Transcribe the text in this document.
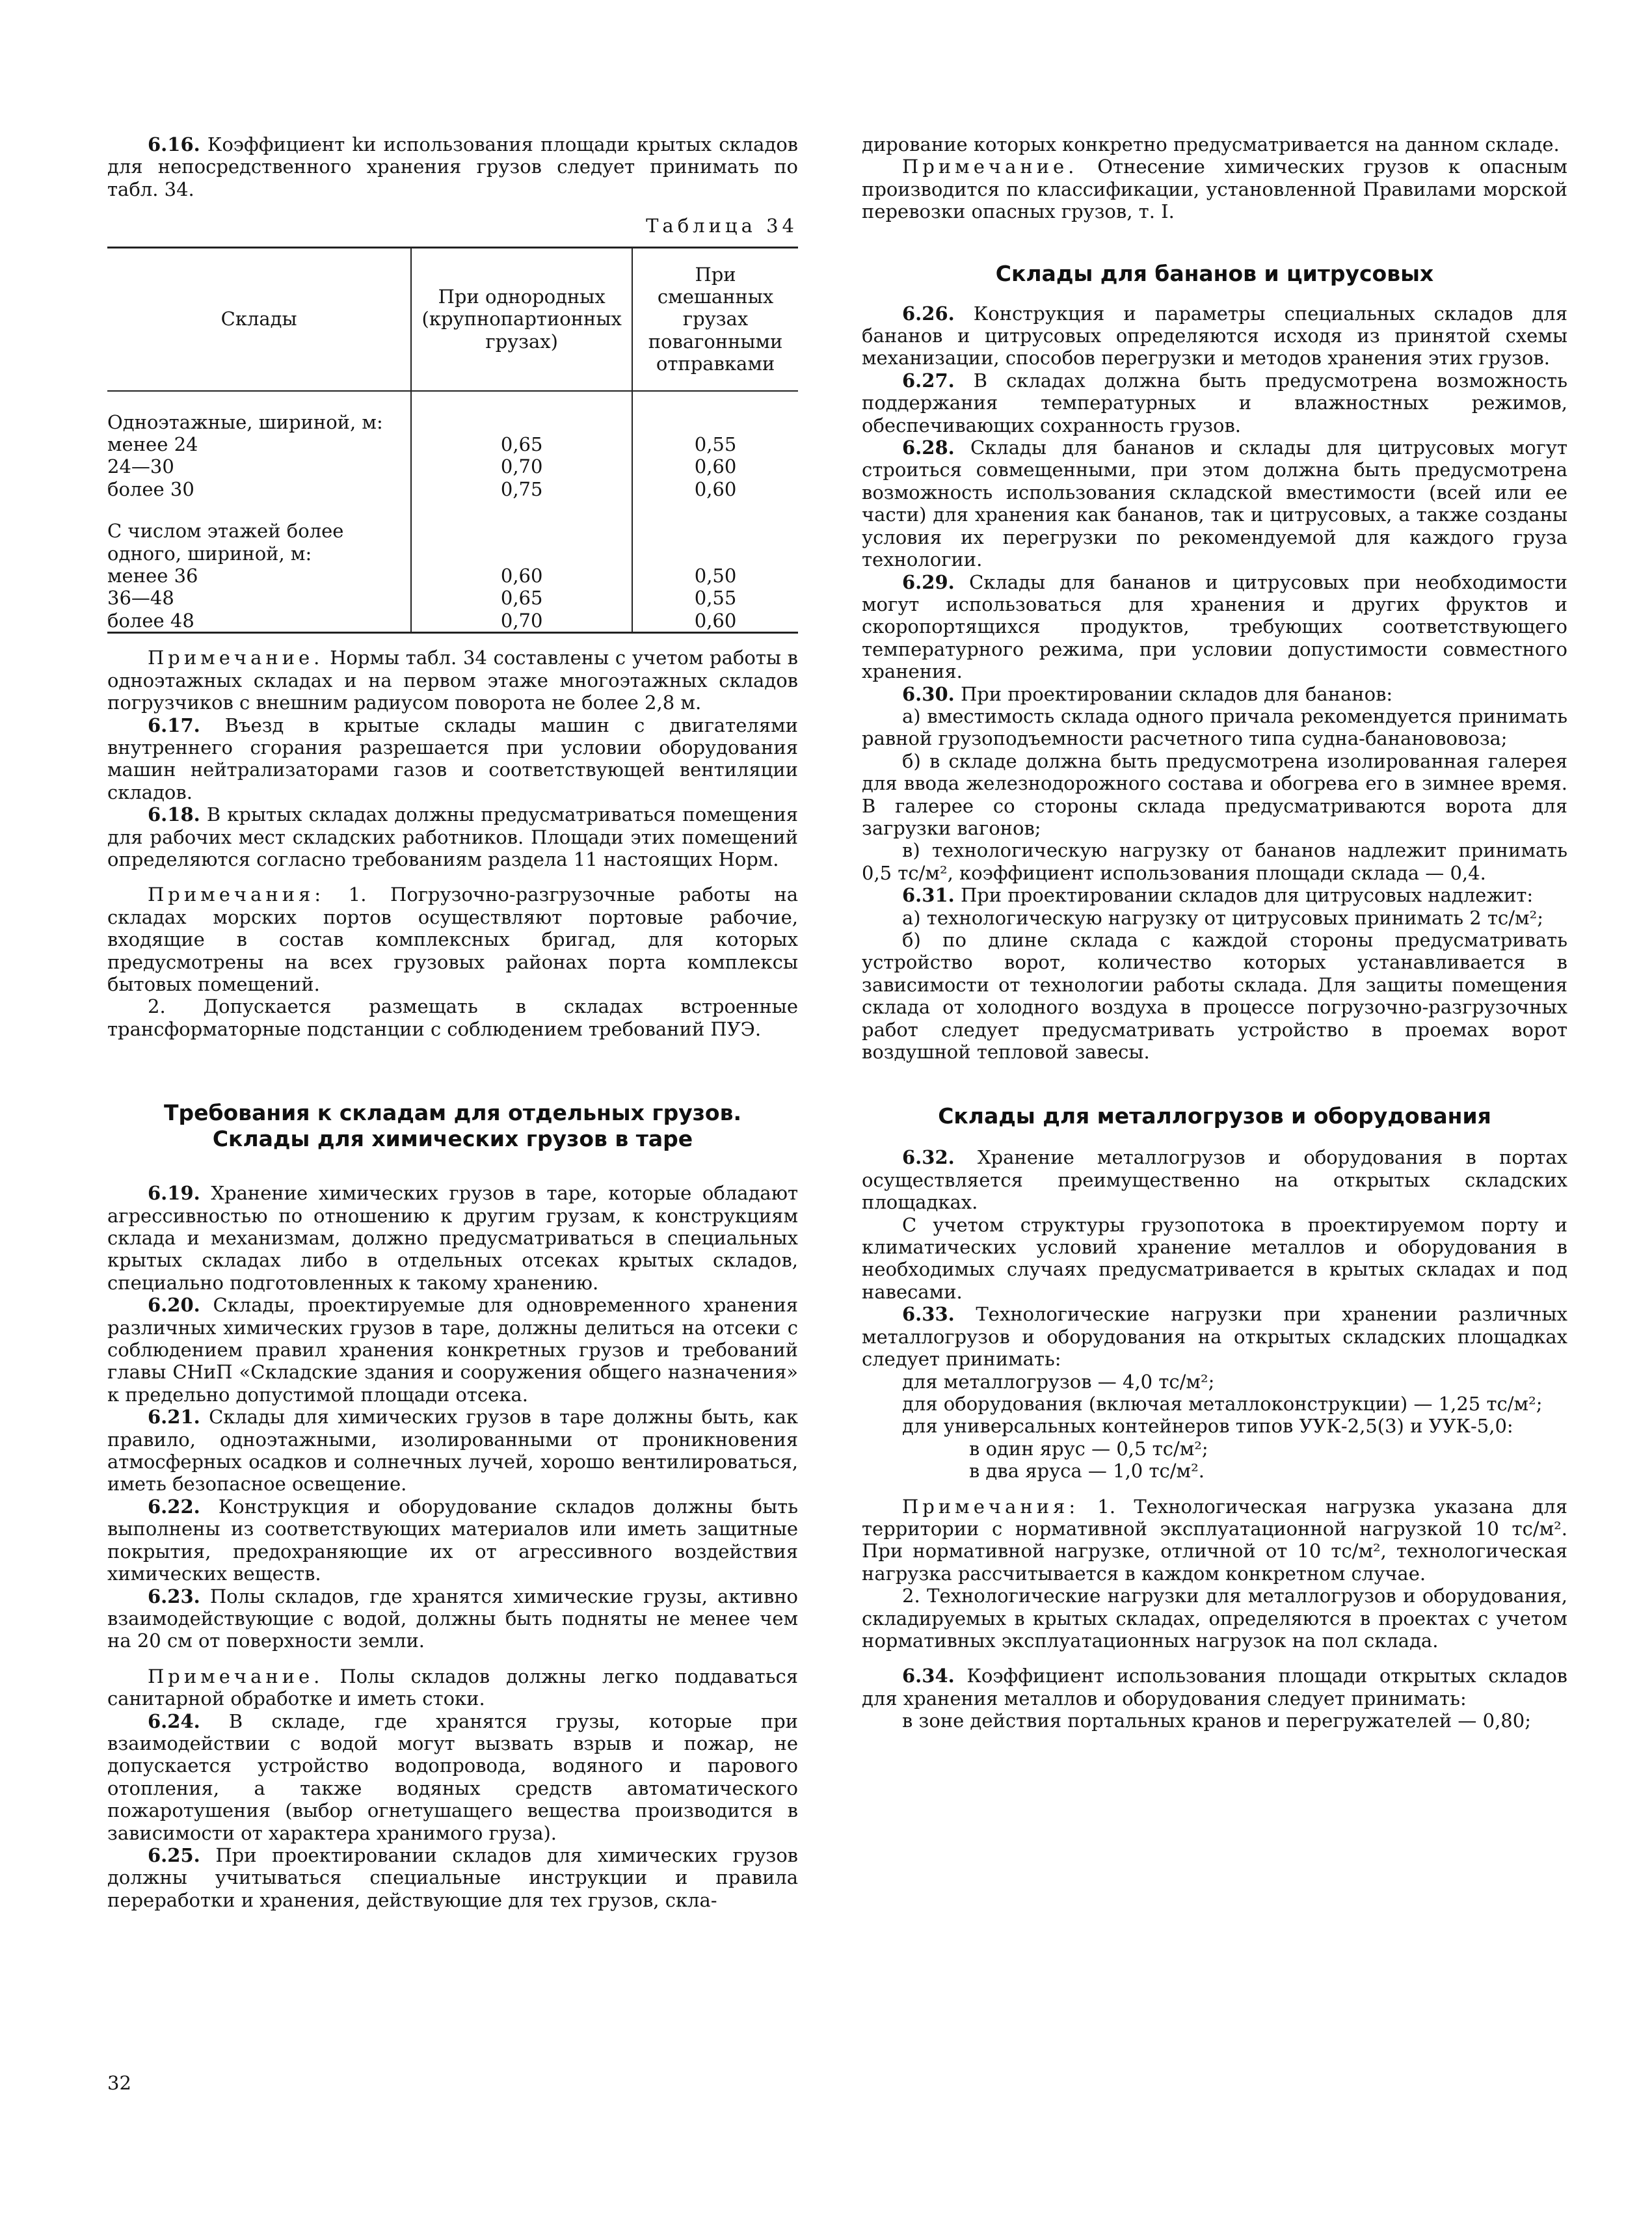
6.16. Коэффициент kи использования площади крытых складов для непосредственного хранения грузов следует принимать по табл. 34.

Таблица 34
Склады	При однородных (крупнопартионных грузах)	При смешанных грузах повагонными отправками

Одноэтажные, шириной, м:		

менее 24	0,65	0,55
24—30	0,70	0,60
более 30	0,75	0,60

С числом этажей более одного, шириной, м:		

менее 36	0,60	0,50
36—48	0,65	0,55
более 48	0,70	0,60

Примечание. Нормы табл. 34 составлены с учетом работы в одноэтажных складах и на первом этаже многоэтажных складов погрузчиков с внешним радиусом поворота не более 2,8 м.

6.17. Въезд в крытые склады машин с двигателями внутреннего сгорания разрешается при условии оборудования машин нейтрализаторами газов и соответствующей вентиляции складов.

6.18. В крытых складах должны предусматриваться помещения для рабочих мест складских работников. Площади этих помещений определяются согласно требованиям раздела 11 настоящих Норм.

Примечания: 1. Погрузочно-разгрузочные работы на складах морских портов осуществляют портовые рабочие, входящие в состав комплексных бригад, для которых предусмотрены на всех грузовых районах порта комплексы бытовых помещений.

2. Допускается размещать в складах встроенные трансформаторные подстанции с соблюдением требований ПУЭ.

Требования к складам для отдельных грузов.
Склады для химических грузов в таре

6.19. Хранение химических грузов в таре, которые обладают агрессивностью по отношению к другим грузам, к конструкциям склада и механизмам, должно предусматриваться в специальных крытых складах либо в отдельных отсеках крытых складов, специально подготовленных к такому хранению.

6.20. Склады, проектируемые для одновременного хранения различных химических грузов в таре, должны делиться на отсеки с соблюдением правил хранения конкретных грузов и требований главы СНиП «Складские здания и сооружения общего назначения» к предельно допустимой площади отсека.

6.21. Склады для химических грузов в таре должны быть, как правило, одноэтажными, изолированными от проникновения атмосферных осадков и солнечных лучей, хорошо вентилироваться, иметь безопасное освещение.

6.22. Конструкция и оборудование складов должны быть выполнены из соответствующих материалов или иметь защитные покрытия, предохраняющие их от агрессивного воздействия химических веществ.

6.23. Полы складов, где хранятся химические грузы, активно взаимодействующие с водой, должны быть подняты не менее чем на 20 см от поверхности земли.

Примечание. Полы складов должны легко поддаваться санитарной обработке и иметь стоки.

6.24. В складе, где хранятся грузы, которые при взаимодействии с водой могут вызвать взрыв и пожар, не допускается устройство водопровода, водяного и парового отопления, а также водяных средств автоматического пожаротушения (выбор огнетушащего вещества производится в зависимости от характера хранимого груза).

6.25. При проектировании складов для химических грузов должны учитываться специальные инструкции и правила переработки и хранения, действующие для тех грузов, скла-

дирование которых конкретно предусматривается на данном складе.

Примечание. Отнесение химических грузов к опасным производится по классификации, установленной Правилами морской перевозки опасных грузов, т. I.

Склады для бананов и цитрусовых

6.26. Конструкция и параметры специальных складов для бананов и цитрусовых определяются исходя из принятой схемы механизации, способов перегрузки и методов хранения этих грузов.

6.27. В складах должна быть предусмотрена возможность поддержания температурных и влажностных режимов, обеспечивающих сохранность грузов.

6.28. Склады для бананов и склады для цитрусовых могут строиться совмещенными, при этом должна быть предусмотрена возможность использования складской вместимости (всей или ее части) для хранения как бананов, так и цитрусовых, а также созданы условия их перегрузки по рекомендуемой для каждого груза технологии.

6.29. Склады для бананов и цитрусовых при необходимости могут использоваться для хранения и других фруктов и скоропортящихся продуктов, требующих соответствующего температурного режима, при условии допустимости совместного хранения.

6.30. При проектировании складов для бананов:

а) вместимость склада одного причала рекомендуется принимать равной грузоподъемности расчетного типа судна-бананововоза;

б) в складе должна быть предусмотрена изолированная галерея для ввода железнодорожного состава и обогрева его в зимнее время. В галерее со стороны склада предусматриваются ворота для загрузки вагонов;

в) технологическую нагрузку от бананов надлежит принимать 0,5 тс/м², коэффициент использования площади склада — 0,4.

6.31. При проектировании складов для цитрусовых надлежит:

а) технологическую нагрузку от цитрусовых принимать 2 тс/м²;

б) по длине склада с каждой стороны предусматривать устройство ворот, количество которых устанавливается в зависимости от технологии работы склада. Для защиты помещения склада от холодного воздуха в процессе погрузочно-разгрузочных работ следует предусматривать устройство в проемах ворот воздушной тепловой завесы.

Склады для металлогрузов и оборудования

6.32. Хранение металлогрузов и оборудования в портах осуществляется преимущественно на открытых складских площадках.

С учетом структуры грузопотока в проектируемом порту и климатических условий хранение металлов и оборудования в необходимых случаях предусматривается в крытых складах и под навесами.

6.33. Технологические нагрузки при хранении различных металлогрузов и оборудования на открытых складских площадках следует принимать:

для металлогрузов — 4,0 тс/м²;

для оборудования (включая металлоконструкции) — 1,25 тс/м²;

для универсальных контейнеров типов УУК-2,5(3) и УУК-5,0:

в один ярус — 0,5 тс/м²;

в два яруса — 1,0 тс/м².

Примечания: 1. Технологическая нагрузка указана для территории с нормативной эксплуатационной нагрузкой 10 тс/м². При нормативной нагрузке, отличной от 10 тс/м², технологическая нагрузка рассчитывается в каждом конкретном случае.

2. Технологические нагрузки для металлогрузов и оборудования, складируемых в крытых складах, определяются в проектах с учетом нормативных эксплуатационных нагрузок на пол склада.

6.34. Коэффициент использования площади открытых складов для хранения металлов и оборудования следует принимать:

в зоне действия портальных кранов и перегружателей — 0,80;

32
